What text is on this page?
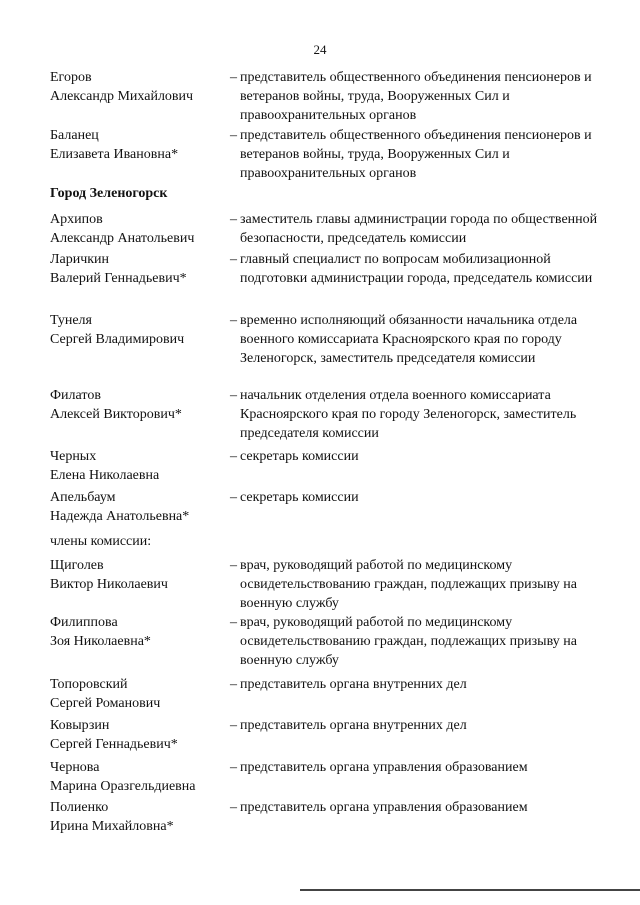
24
Егоров
Александр Михайлович
– представитель общественного объединения пенсионеров и ветеранов войны, труда, Вооруженных Сил и правоохранительных органов
Баланец
Елизавета Ивановна*
– представитель общественного объединения пенсионеров и ветеранов войны, труда, Вооруженных Сил и правоохранительных органов
Город Зеленогорск
Архипов
Александр Анатольевич
– заместитель главы администрации города по общественной безопасности, председатель комиссии
Ларичкин
Валерий Геннадьевич*
– главный специалист по вопросам мобилизационной подготовки администрации города, председатель комиссии
Тунеля
Сергей Владимирович
– временно исполняющий обязанности начальника отдела военного комиссариата Красноярского края по городу Зеленогорск, заместитель председателя комиссии
Филатов
Алексей Викторович*
– начальник отделения отдела военного комиссариата Красноярского края по городу Зеленогорск, заместитель председателя комиссии
Черных
Елена Николаевна
– секретарь комиссии
Апельбаум
Надежда Анатольевна*
– секретарь комиссии
члены комиссии:
Щиголев
Виктор Николаевич
– врач, руководящий работой по медицинскому освидетельствованию граждан, подлежащих призыву на военную службу
Филиппова
Зоя Николаевна*
– врач, руководящий работой по медицинскому освидетельствованию граждан, подлежащих призыву на военную службу
Топоровский
Сергей Романович
– представитель органа внутренних дел
Ковырзин
Сергей Геннадьевич*
– представитель органа внутренних дел
Чернова
Марина Оразгельдиевна
– представитель органа управления образованием
Полиенко
Ирина Михайловна*
– представитель органа управления образованием
